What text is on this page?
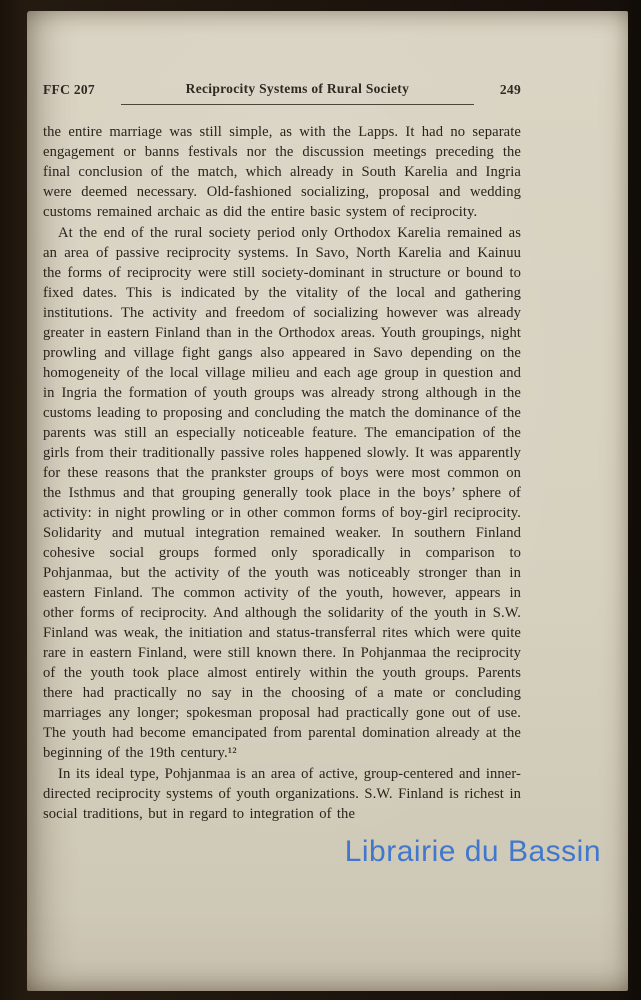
FFC 207	Reciprocity Systems of Rural Society	249

the entire marriage was still simple, as with the Lapps. It had no separate engagement or banns festivals nor the discussion meetings preceding the final conclusion of the match, which already in South Karelia and Ingria were deemed necessary. Old-fashioned socializing, proposal and wedding customs remained archaic as did the entire basic system of reciprocity.

At the end of the rural society period only Orthodox Karelia remained as an area of passive reciprocity systems. In Savo, North Karelia and Kainuu the forms of reciprocity were still society-dominant in structure or bound to fixed dates. This is indicated by the vitality of the local and gathering institutions. The activity and freedom of socializing however was already greater in eastern Finland than in the Orthodox areas. Youth groupings, night prowling and village fight gangs also appeared in Savo depending on the homogeneity of the local village milieu and each age group in question and in Ingria the formation of youth groups was already strong although in the customs leading to proposing and concluding the match the dominance of the parents was still an especially noticeable feature. The emancipation of the girls from their traditionally passive roles happened slowly. It was apparently for these reasons that the prankster groups of boys were most common on the Isthmus and that grouping generally took place in the boys’ sphere of activity: in night prowling or in other common forms of boy-girl reciprocity. Solidarity and mutual integration remained weaker. In southern Finland cohesive social groups formed only sporadically in comparison to Pohjanmaa, but the activity of the youth was noticeably stronger than in eastern Finland. The common activity of the youth, however, appears in other forms of reciprocity. And although the solidarity of the youth in S.W. Finland was weak, the initiation and status-transferral rites which were quite rare in eastern Finland, were still known there. In Pohjanmaa the reciprocity of the youth took place almost entirely within the youth groups. Parents there had practically no say in the choosing of a mate or concluding marriages any longer; spokesman proposal had practically gone out of use. The youth had become emancipated from parental domination already at the beginning of the 19th century.¹²

In its ideal type, Pohjanmaa is an area of active, group-centered and inner-directed reciprocity systems of youth organizations. S.W. Finland is richest in social traditions, but in regard to integration of the

Librairie du Bassin
